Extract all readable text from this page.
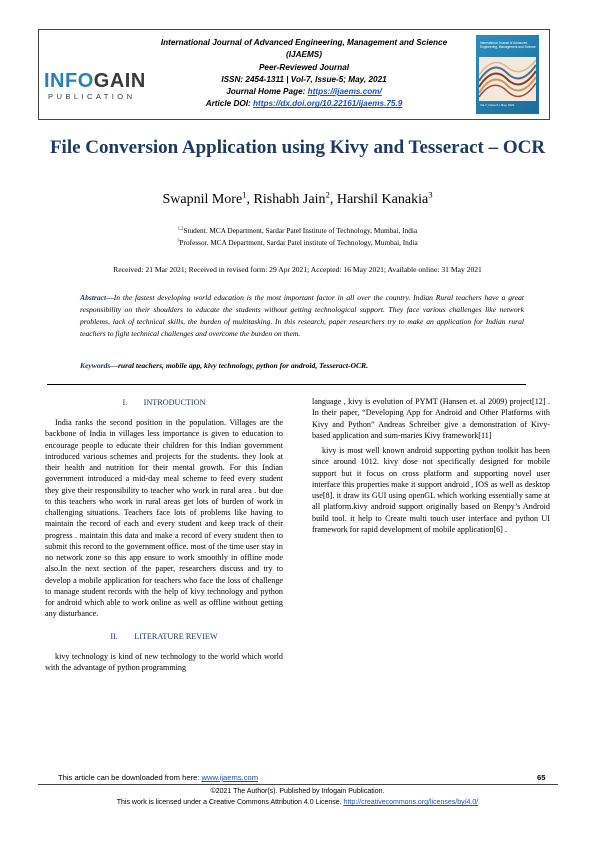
INFOGAIN
PUBLICATION
International Journal of Advanced Engineering, Management and Science
(IJAEMS)
Peer-Reviewed Journal
ISSN: 2454-1311 | Vol-7, Issue-5; May, 2021
Journal Home Page: https://ijaems.com/
Article DOI: https://dx.doi.org/10.22161/ijaems.75.9
International Journal of Advanced Engineering, Management and Science
Vol-7, Issue-5 | May, 2021
File Conversion Application using Kivy and Tesseract – OCR
Swapnil More$^1$, Rishabh Jain$^2$, Harshil Kanakia$^3$
$^{1,2}$Student. MCA Department, Sardar Patel Institute of Technology, Mumbai, India
$^3$Professor. MCA Department, Sardar Patel institute of Technology, Mumbai, India
Received: 21 Mar 2021; Received in revised form: 29 Apr 2021; Accepted: 16 May 2021; Available online: 31 May 2021
Abstract—In the fastest developing world education is the most important factor in all over the country. Indian Rural teachers have a great responsibility on their shoulders to educate the students without getting technological support. They face various challenges like network problems, lack of technical skills, the burden of multitasking. In this research, paper researchers try to make an application for Indian rural teachers to fight technical challenges and overcome the burden on them.
Keywords—rural teachers, mobile app, kivy technology, python for android, Tesseract-OCR.
I.        INTRODUCTION

India ranks the second position in the population. Villages are the backbone of India in villages less importance is given to education to encourage people to educate their children for this Indian government introduced various schemes and projects for the students. they look at their health and nutrition for their mental growth. For this Indian government introduced a mid-day meal scheme to feed every student they give their responsibility to teacher who work in rural area . but due to this teachers who work in rural areas get lots of burden of work in challenging situations. Teachers face lots of problems like having to maintain the record of each and every student and keep track of their progress . maintain this data and make a record of every student then to submit this record to the government office. most of the time user stay in no network zone so this app ensure to work smoothly in offline mode also.In the next section of the paper, researchers discuss and try to develop a mobile application for teachers who face the loss of challenge to manage student records with the help of kivy technology and python for android which able to work online as well as offline without getting any disturbance.

II.        LITERATURE REVIEW

kivy technology is kind of new technology to the world which world with the advantage of python programming

language , kivy is evolution of PYMT (Hansen et. al 2009) project[12] . In their paper, “Developing App for Android and Other Platforms with Kivy and Python” Andreas Schreiber give a demonstration of Kivy- based application and sum-maries Kivy framework[11]

kivy is most well known android supporting python toolkit has been since around 1012. kivy dose not specifically designed for mobile support but it focus on cross platform and supporting novel user interface this properties make it support android , IOS as well as desktop use[8]. it draw its GUI using openGL which working essentially same at all platform.kivy android support originally based on Renpy’s Android build tool. it help to Create multi touch user interface and python UI framework for rapid development of mobile application[6] .

This article can be downloaded from here: www.ijaems.com	65
©2021 The Author(s). Published by Infogain Publication.
This work is licensed under a Creative Commons Attribution 4.0 License. http://creativecommons.org/licenses/by/4.0/
